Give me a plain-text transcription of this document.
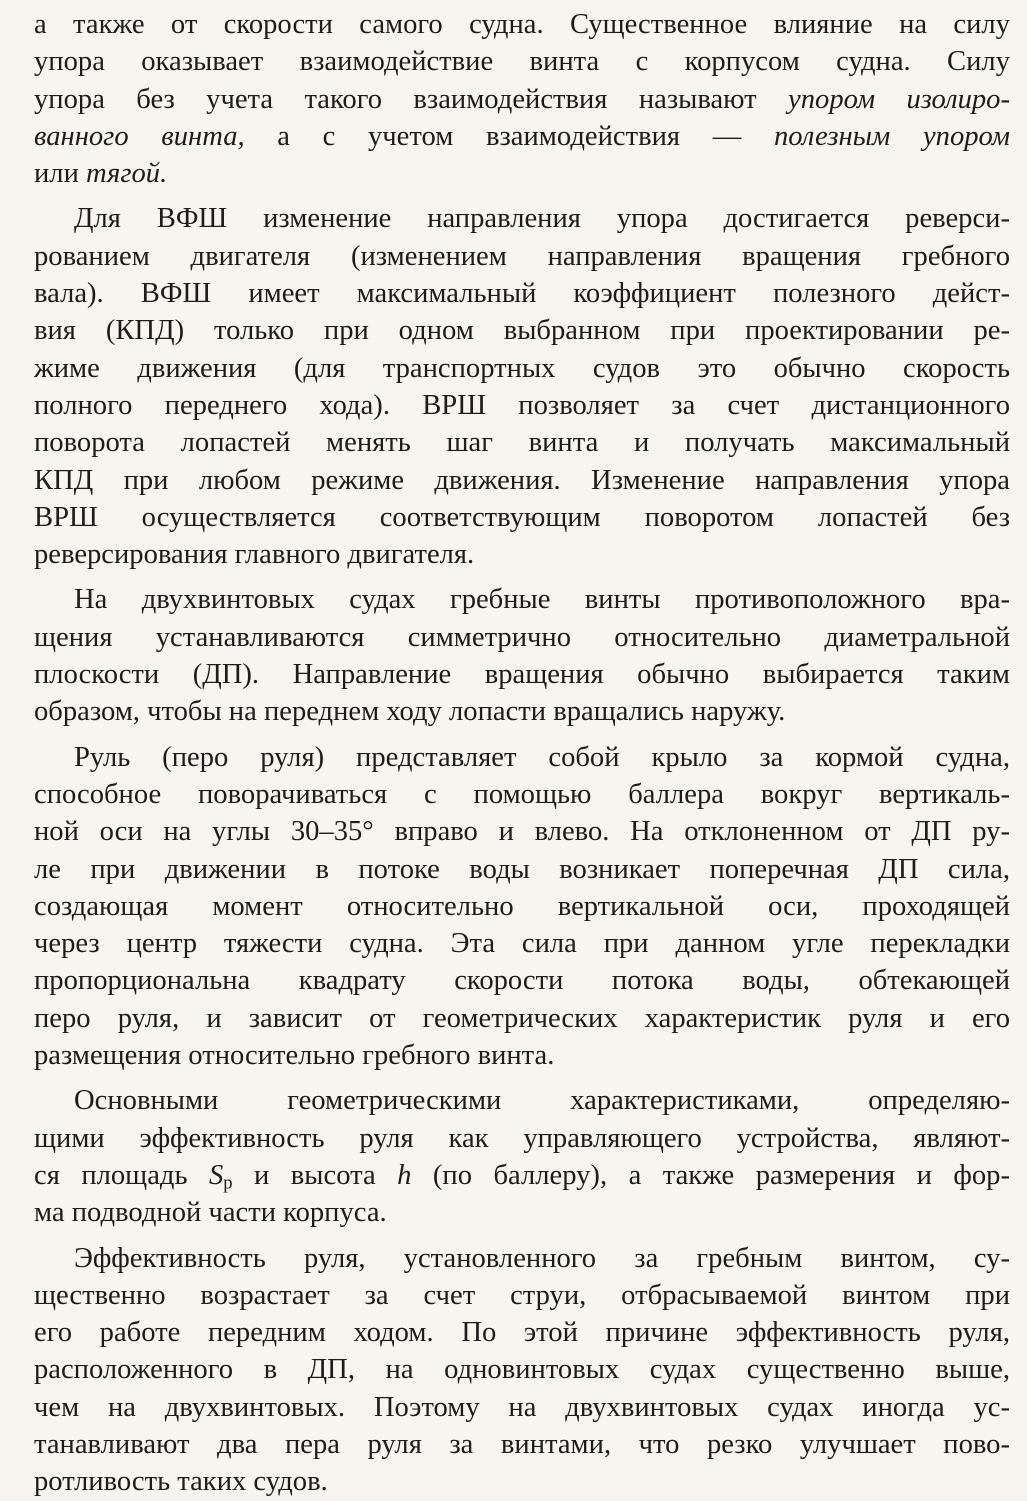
а также от скорости самого судна. Существенное влияние на силу
упора оказывает взаимодействие винта с корпусом судна. Силу
упора без учета такого взаимодействия называют упором изолиро-
ванного винта, а с учетом взаимодействия — полезным упором
или тягой.
Для ВФШ изменение направления упора достигается реверси-
рованием двигателя (изменением направления вращения гребного
вала). ВФШ имеет максимальный коэффициент полезного дейст-
вия (КПД) только при одном выбранном при проектировании ре-
жиме движения (для транспортных судов это обычно скорость
полного переднего хода). ВРШ позволяет за счет дистанционного
поворота лопастей менять шаг винта и получать максимальный
КПД при любом режиме движения. Изменение направления упора
ВРШ осуществляется соответствующим поворотом лопастей без
реверсирования главного двигателя.
На двухвинтовых судах гребные винты противоположного вра-
щения устанавливаются симметрично относительно диаметральной
плоскости (ДП). Направление вращения обычно выбирается таким
образом, чтобы на переднем ходу лопасти вращались наружу.
Руль (перо руля) представляет собой крыло за кормой судна,
способное поворачиваться с помощью баллера вокруг вертикаль-
ной оси на углы 30–35° вправо и влево. На отклоненном от ДП ру-
ле при движении в потоке воды возникает поперечная ДП сила,
создающая момент относительно вертикальной оси, проходящей
через центр тяжести судна. Эта сила при данном угле перекладки
пропорциональна квадрату скорости потока воды, обтекающей
перо руля, и зависит от геометрических характеристик руля и его
размещения относительно гребного винта.
Основными геометрическими характеристиками, определяю-
щими эффективность руля как управляющего устройства, являют-
ся площадь $S_р$ и высота h (по баллеру), а также размерения и фор-
ма подводной части корпуса.
Эффективность руля, установленного за гребным винтом, су-
щественно возрастает за счет струи, отбрасываемой винтом при
его работе передним ходом. По этой причине эффективность руля,
расположенного в ДП, на одновинтовых судах существенно выше,
чем на двухвинтовых. Поэтому на двухвинтовых судах иногда ус-
танавливают два пера руля за винтами, что резко улучшает пово-
ротливость таких судов.
